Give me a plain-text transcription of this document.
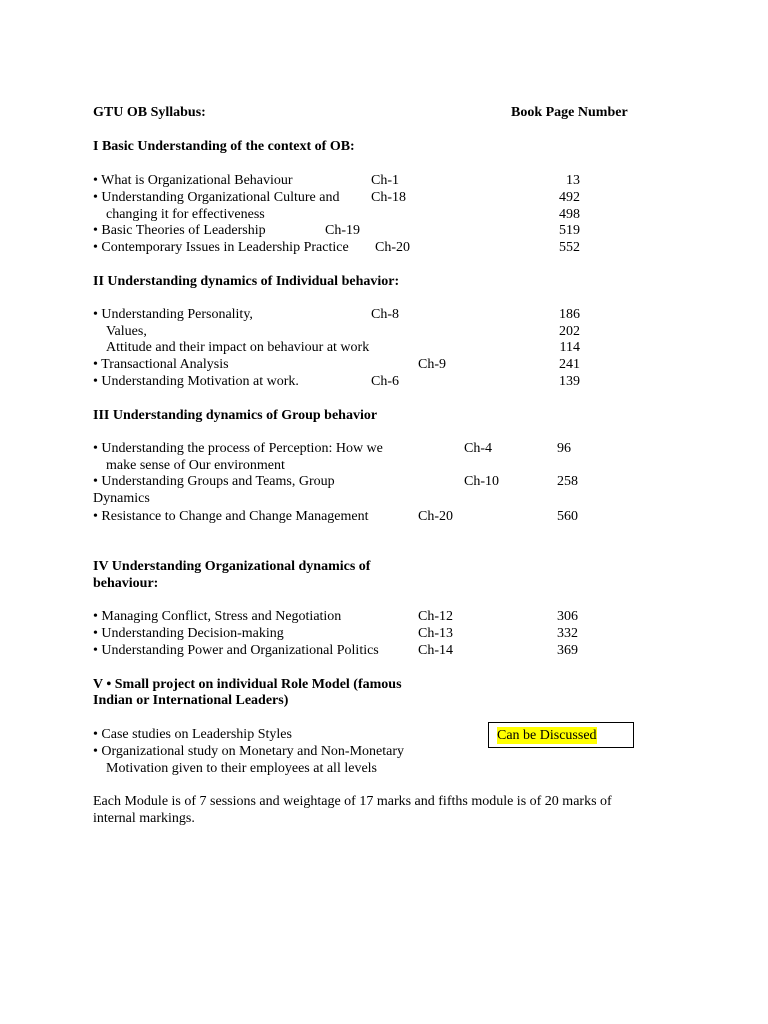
GTU OB Syllabus:	Book Page Number
I Basic Understanding of the context of OB:
• What is Organizational Behaviour	Ch-1	13
• Understanding Organizational Culture and Ch-18	492
changing it for effectiveness	498
• Basic Theories of Leadership	Ch-19	519
• Contemporary Issues in Leadership Practice Ch-20	552
II Understanding dynamics of Individual behavior:
• Understanding Personality,	Ch-8	186
Values,	202
Attitude and their impact on behaviour at work	114
• Transactional Analysis	Ch-9	241
• Understanding Motivation at work.	Ch-6	139
III Understanding dynamics of Group behavior
• Understanding the process of Perception: How we	Ch-4	96
make sense of Our environment
• Understanding Groups and Teams, Group	Ch-10	258
Dynamics
• Resistance to Change and Change Management	Ch-20	560
IV Understanding Organizational dynamics of
behaviour:
• Managing Conflict, Stress and Negotiation	Ch-12	306
• Understanding Decision-making	Ch-13	332
• Understanding Power and Organizational Politics	Ch-14	369
V • Small project on individual Role Model (famous
Indian or International Leaders)
• Case studies on Leadership Styles
• Organizational study on Monetary and Non-Monetary
Motivation given to their employees at all levels
Can be Discussed
Each Module is of 7 sessions and weightage of 17 marks and fifths module is of 20 marks of
internal markings.
